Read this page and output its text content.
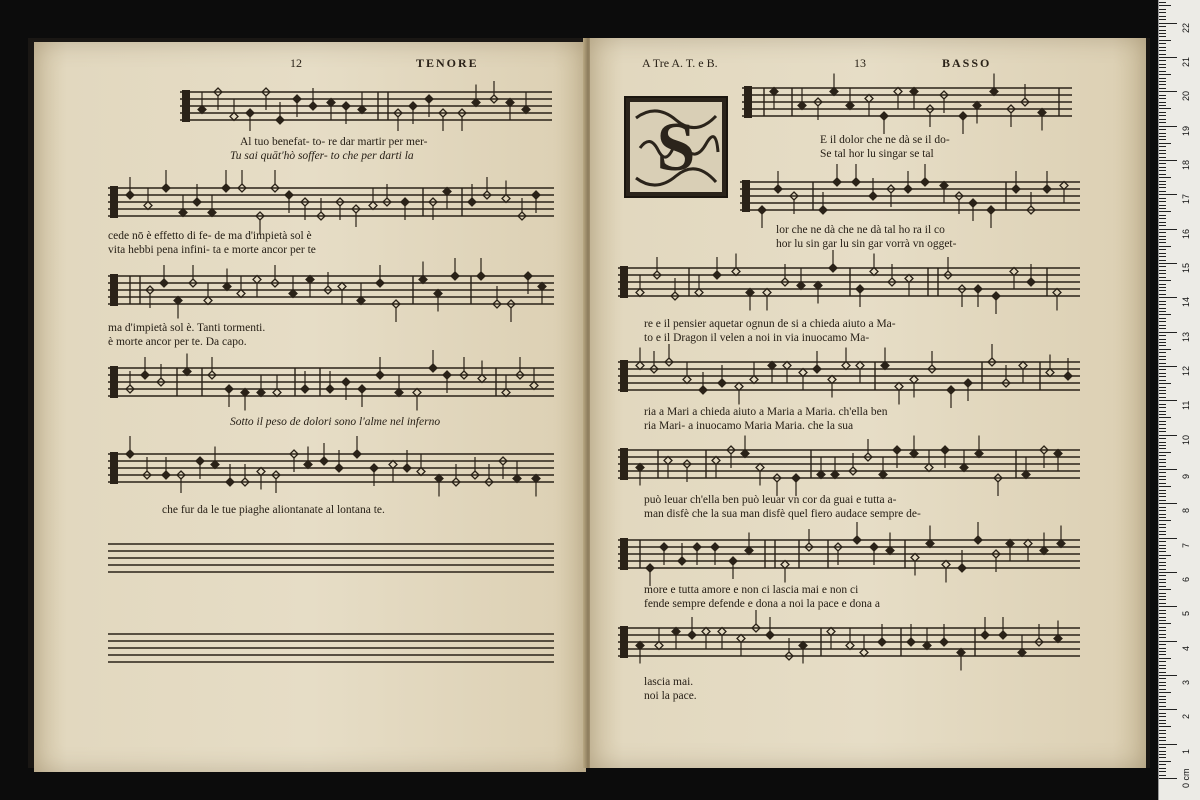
12	TENORE
Al tuo benefat- to- re dar martir per mer-
Tu sai quāt'hò soffer- to che per darti la
cede nō è effetto di fe- de ma d'impietà sol è
vita hebbi pena infini- ta e morte ancor per te
ma d'impietà sol è. Tanti tormenti.
è morte ancor per te. Da capo.
Sotto il peso de dolori sono l'alme nel inferno
che fur da le tue piaghe aliontanate al lontana te.
A Tre A. T. e B.	13	BASSO
S	E il dolor che ne dà se il do-
Se tal hor lu singar se tal
lor che ne dà che ne dà tal ho ra il co
hor lu sin gar lu sin gar vorrà vn ogget-
re e il pensier aquetar ognun de si a chieda aiuto a Ma-
to e il Dragon il velen a noi in via inuocamo Ma-
ria a Mari a chieda aiuto a Maria a Maria. ch'ella ben
ria Mari- a inuocamo Maria Maria. che la sua
può leuar ch'ella ben può leuar vn cor da guai e tutta a-
man disfè che la sua man disfè quel fiero audace sempre de-
more e tutta amore e non ci lascia mai e non ci
fende sempre defende e dona a noi la pace e dona a
lascia mai.
noi la pace.
0 cm
1
2
3
4
5
6
7
8
9
10
11
12
13
14
15
16
17
18
19
20
21
22
